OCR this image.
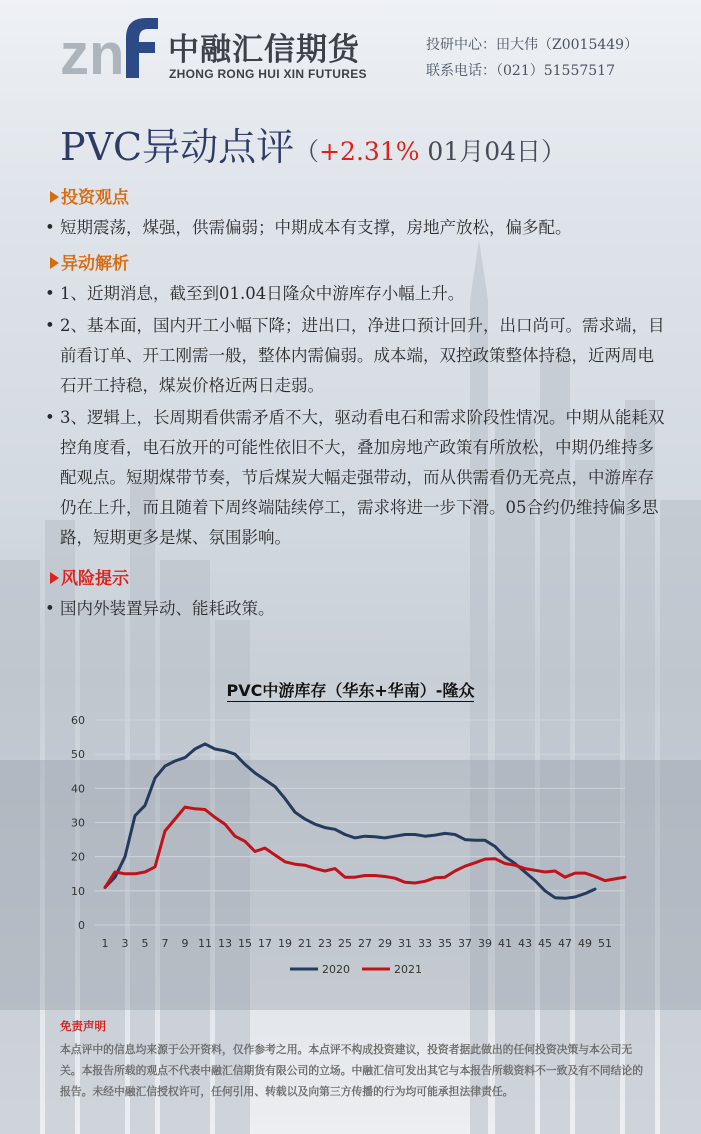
zn 中融汇信期货
ZHONG RONG HUI XIN FUTURES
投研中心：田大伟（Z0015449）
联系电话：（021）51557517
PVC异动点评（+2.31% 01月04日）
投资观点
• 短期震荡，煤强，供需偏弱；中期成本有支撑，房地产放松，偏多配。
异动解析
• 1、近期消息，截至到01.04日隆众中游库存小幅上升。
• 2、基本面，国内开工小幅下降；进出口，净进口预计回升，出口尚可。需求端，目前看订单、开工刚需一般，整体内需偏弱。成本端，双控政策整体持稳，近两周电石开工持稳，煤炭价格近两日走弱。
• 3、逻辑上，长周期看供需矛盾不大，驱动看电石和需求阶段性情况。中期从能耗双控角度看，电石放开的可能性依旧不大，叠加房地产政策有所放松，中期仍维持多配观点。短期煤带节奏，节后煤炭大幅走强带动，而从供需看仍无亮点，中游库存仍在上升，而且随着下周终端陆续停工，需求将进一步下滑。05合约仍维持偏多思路，短期更多是煤、氛围影响。
风险提示
• 国内外装置异动、能耗政策。
PVC中游库存（华东+华南）-隆众
0
10
20
30
40
50
60
1 3 5 7 9 11 13 15 17 19 21 23 25 27 29 31 33 35 37 39 41 43 45 47 49 51
2020	2021
免责声明
本点评中的信息均来源于公开资料，仅作参考之用。本点评不构成投资建议，投资者据此做出的任何投资决策与本公司无关。本报告所载的观点不代表中融汇信期货有限公司的立场。中融汇信可发出其它与本报告所载资料不一致及有不同结论的报告。未经中融汇信授权许可，任何引用、转载以及向第三方传播的行为均可能承担法律责任。
